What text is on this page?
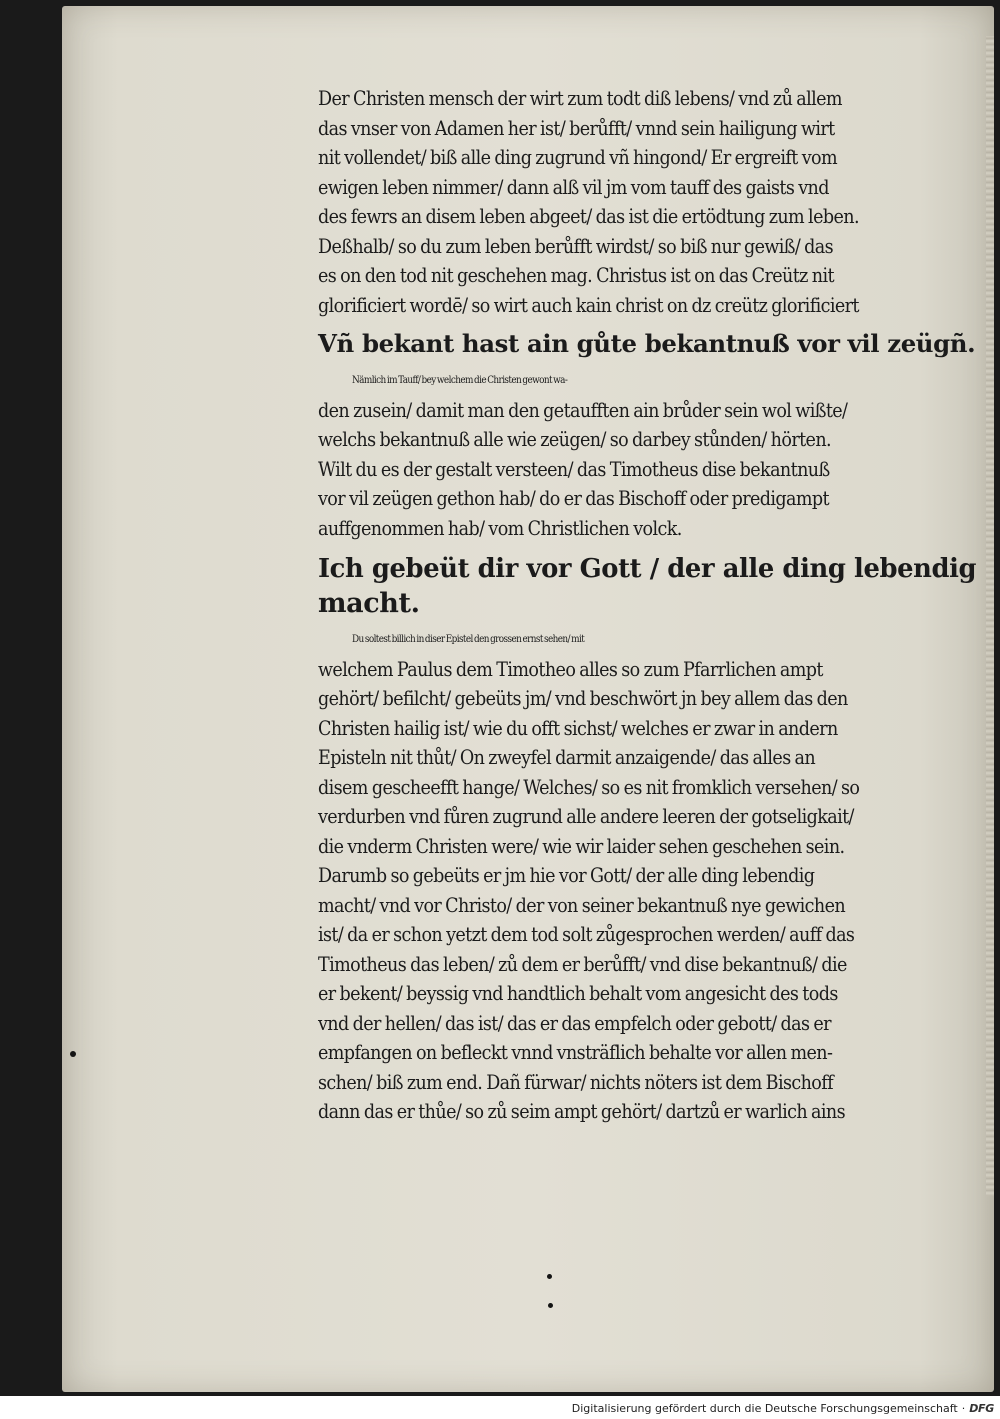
Der Christen mensch der wirt zum todt diß lebens/ vnd zů allem
das vnser von Adamen her ist/ berůfft/ vnnd sein hailigung wirt
nit vollendet/ biß alle ding zugrund vñ hingond/ Er ergreift vom
ewigen leben nimmer/ dann alß vil jm vom tauff des gaists vnd
des fewrs an disem leben abgeet/ das ist die ertödtung zum leben.
Deßhalb/ so du zum leben berůfft wirdst/ so biß nur gewiß/ das
es on den tod nit geschehen mag. Christus ist on das Creütz nit
glorificiert wordē/ so wirt auch kain christ on dz creütz glorificiert
Vñ bekant hast ain gůte bekantnuß vor vil zeügñ.
Nämlich im Tauff/ bey welchem die Christen gewont wa-
den zusein/ damit man den getaufften ain brůder sein wol wißte/
welchs bekantnuß alle wie zeügen/ so darbey stůnden/ hörten.
Wilt du es der gestalt versteen/ das Timotheus dise bekantnuß
vor vil zeügen gethon hab/ do er das Bischoff oder predigampt
auffgenommen hab/ vom Christlichen volck.
Ich gebeüt dir vor Gott / der alle ding lebendig
macht.
Du soltest billich in diser Epistel den grossen ernst sehen/ mit
welchem Paulus dem Timotheo alles so zum Pfarrlichen ampt
gehört/ befilcht/ gebeüts jm/ vnd beschwört jn bey allem das den
Christen hailig ist/ wie du offt sichst/ welches er zwar in andern
Episteln nit thůt/ On zweyfel darmit anzaigende/ das alles an
disem gescheefft hange/ Welches/ so es nit fromklich versehen/ so
verdurben vnd fůren zugrund alle andere leeren der gotseligkait/
die vnderm Christen were/ wie wir laider sehen geschehen sein.
Darumb so gebeüts er jm hie vor Gott/ der alle ding lebendig
macht/ vnd vor Christo/ der von seiner bekantnuß nye gewichen
ist/ da er schon yetzt dem tod solt zůgesprochen werden/ auff das
Timotheus das leben/ zů dem er berůfft/ vnd dise bekantnuß/ die
er bekent/ beyssig vnd handtlich behalt vom angesicht des tods
vnd der hellen/ das ist/ das er das empfelch oder gebott/ das er
empfangen on befleckt vnnd vnsträflich behalte vor allen men-
schen/ biß zum end. Dañ fürwar/ nichts nöters ist dem Bischoff
dann das er thůe/ so zů seim ampt gehört/ dartzů er warlich ains
Digitalisierung gefördert durch die Deutsche Forschungsgemeinschaft · DFG
